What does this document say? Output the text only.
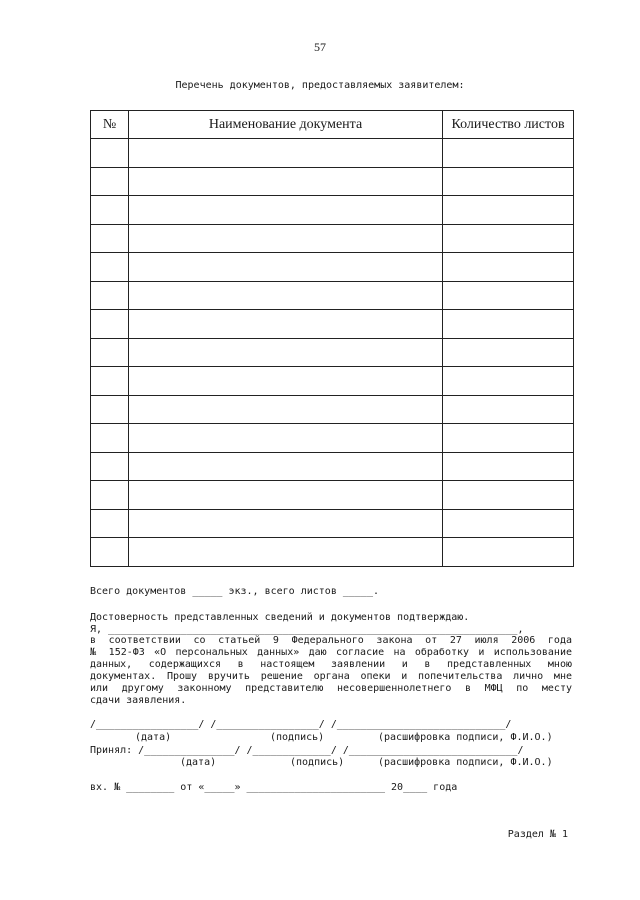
57
Перечень документов, предоставляемых заявителем:
№	Наименование документа	Количество листов

Всего документов _____ экз., всего листов _____.
Достоверность представленных сведений и документов подтверждаю.
Я, ____________________________________________________________________,
в соответствии со статьей 9 Федерального закона от 27 июля 2006 года
№ 152-ФЗ «О персональных данных» даю согласие на обработку и использование
данных, содержащихся в настоящем заявлении и в представленных мною
документах. Прошу вручить решение органа опеки и попечительства лично мне
или другому законному представителю несовершеннолетнего в МФЦ по месту
сдачи заявления.
/_________________/ /_________________/ /____________________________/
(дата)	(подпись)	(расшифровка подписи, Ф.И.О.)
Принял: /_______________/ /_____________/ /____________________________/
(дата)	(подпись)	(расшифровка подписи, Ф.И.О.)
вх. № ________ от «_____» _______________________ 20____ года
Раздел № 1
